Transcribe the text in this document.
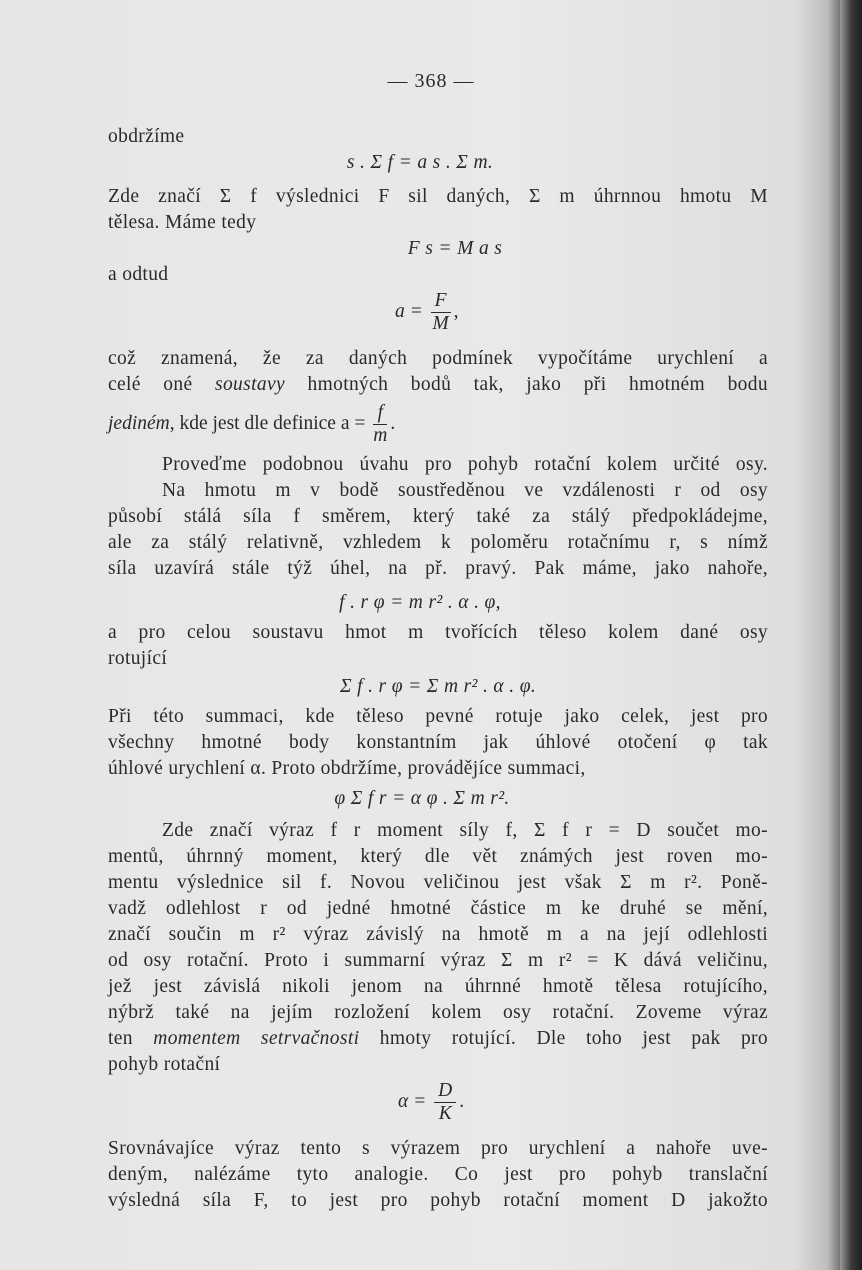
— 368 —
obdržíme
s . Σ f = a s . Σ m.
Zde značí Σ f výslednici F sil daných, Σ m úhrnnou hmotu M
tělesa. Máme tedy
F s = M a s
a odtud
$a = \frac{F}{M}$ ,
což znamená, že za daných podmínek vypočítáme urychlení a
celé oné soustavy hmotných bodů tak, jako při hmotném bodu
jediném, kde jest dle definice $a = \frac{f}{m}$ .
Proveďme podobnou úvahu pro pohyb rotační kolem určité osy.
Na hmotu m v bodě soustředěnou ve vzdálenosti r od osy
působí stálá síla f směrem, který také za stálý předpokládejme,
ale za stálý relativně, vzhledem k poloměru rotačnímu r, s nímž
síla uzavírá stále týž úhel, na př. pravý. Pak máme, jako nahoře,
f . r φ = m r² . α . φ,
a pro celou soustavu hmot m tvořících těleso kolem dané osy
rotující
Σ f . r φ = Σ m r² . α . φ.
Při této summaci, kde těleso pevné rotuje jako celek, jest pro
všechny hmotné body konstantním jak úhlové otočení φ tak
úhlové urychlení α. Proto obdržíme, provádějíce summaci,
φ Σ f r = α φ . Σ m r².
Zde značí výraz f r moment síly f, Σ f r = D součet mo-
mentů, úhrnný moment, který dle vět známých jest roven mo-
mentu výslednice sil f. Novou veličinou jest však Σ m r². Poně-
vadž odlehlost r od jedné hmotné částice m ke druhé se mění,
značí součin m r² výraz závislý na hmotě m a na její odlehlosti
od osy rotační. Proto i summarní výraz Σ m r² = K dává veličinu,
jež jest závislá nikoli jenom na úhrnné hmotě tělesa rotujícího,
nýbrž také na jejím rozložení kolem osy rotační. Zoveme výraz
ten momentem setrvačnosti hmoty rotující. Dle toho jest pak pro
pohyb rotační
$\alpha = \frac{D}{K}$ .
Srovnávajíce výraz tento s výrazem pro urychlení a nahoře uve-
deným, nalézáme tyto analogie. Co jest pro pohyb translační
výsledná síla F, to jest pro pohyb rotační moment D jakožto
